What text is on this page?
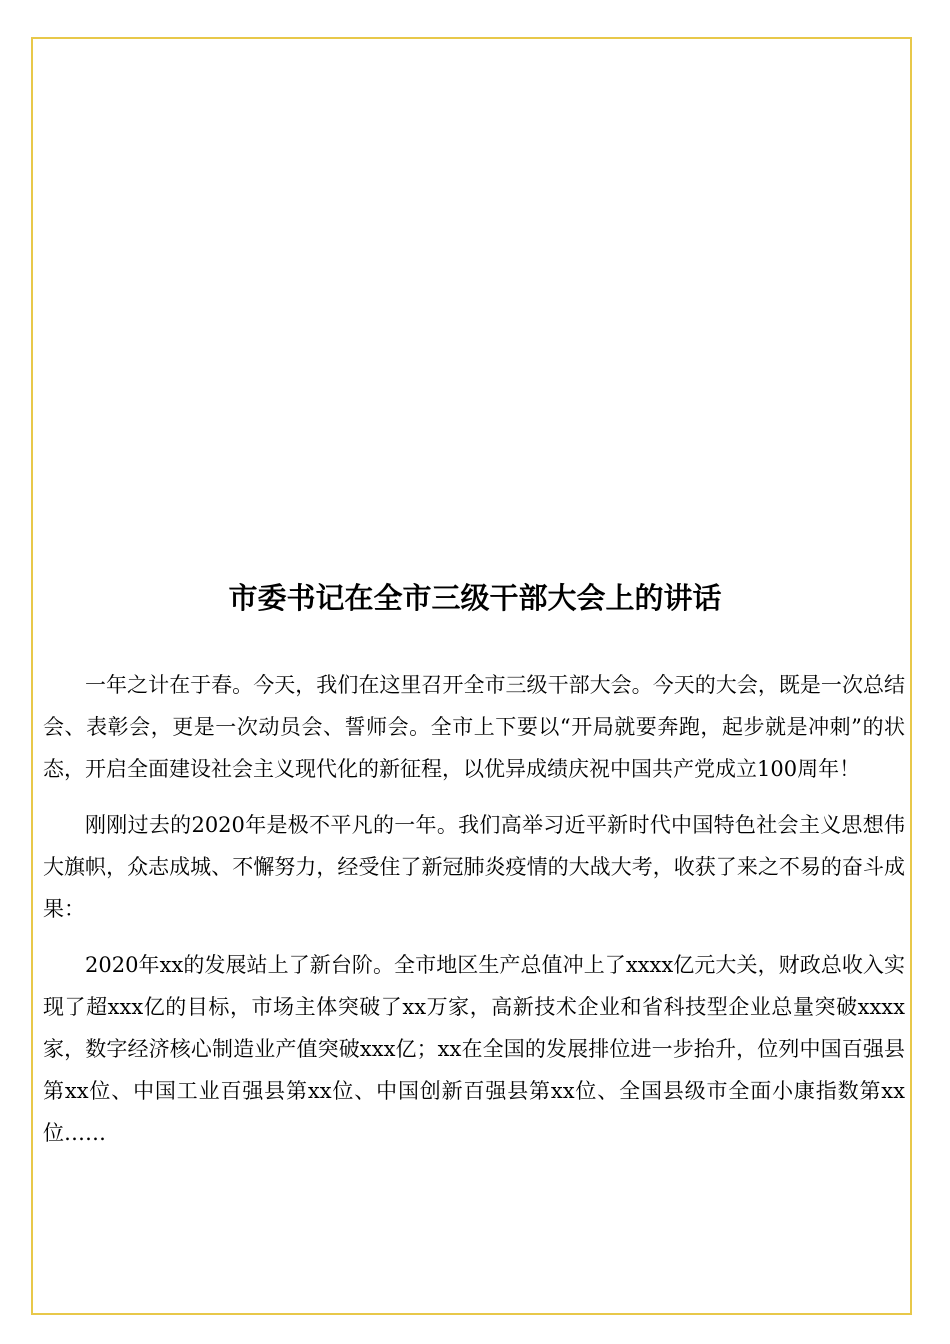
市委书记在全市三级干部大会上的讲话

一年之计在于春。今天，我们在这里召开全市三级干部大会。今天的大会，既是一次总结会、表彰会，更是一次动员会、誓师会。全市上下要以“开局就要奔跑，起步就是冲刺”的状态，开启全面建设社会主义现代化的新征程，以优异成绩庆祝中国共产党成立100周年！

刚刚过去的2020年是极不平凡的一年。我们高举习近平新时代中国特色社会主义思想伟大旗帜，众志成城、不懈努力，经受住了新冠肺炎疫情的大战大考，收获了来之不易的奋斗成果：

2020年xx的发展站上了新台阶。全市地区生产总值冲上了xxxx亿元大关，财政总收入实现了超xxx亿的目标，市场主体突破了xx万家，高新技术企业和省科技型企业总量突破xxxx家，数字经济核心制造业产值突破xxx亿；xx在全国的发展排位进一步抬升，位列中国百强县第xx位、中国工业百强县第xx位、中国创新百强县第xx位、全国县级市全面小康指数第xx位……
